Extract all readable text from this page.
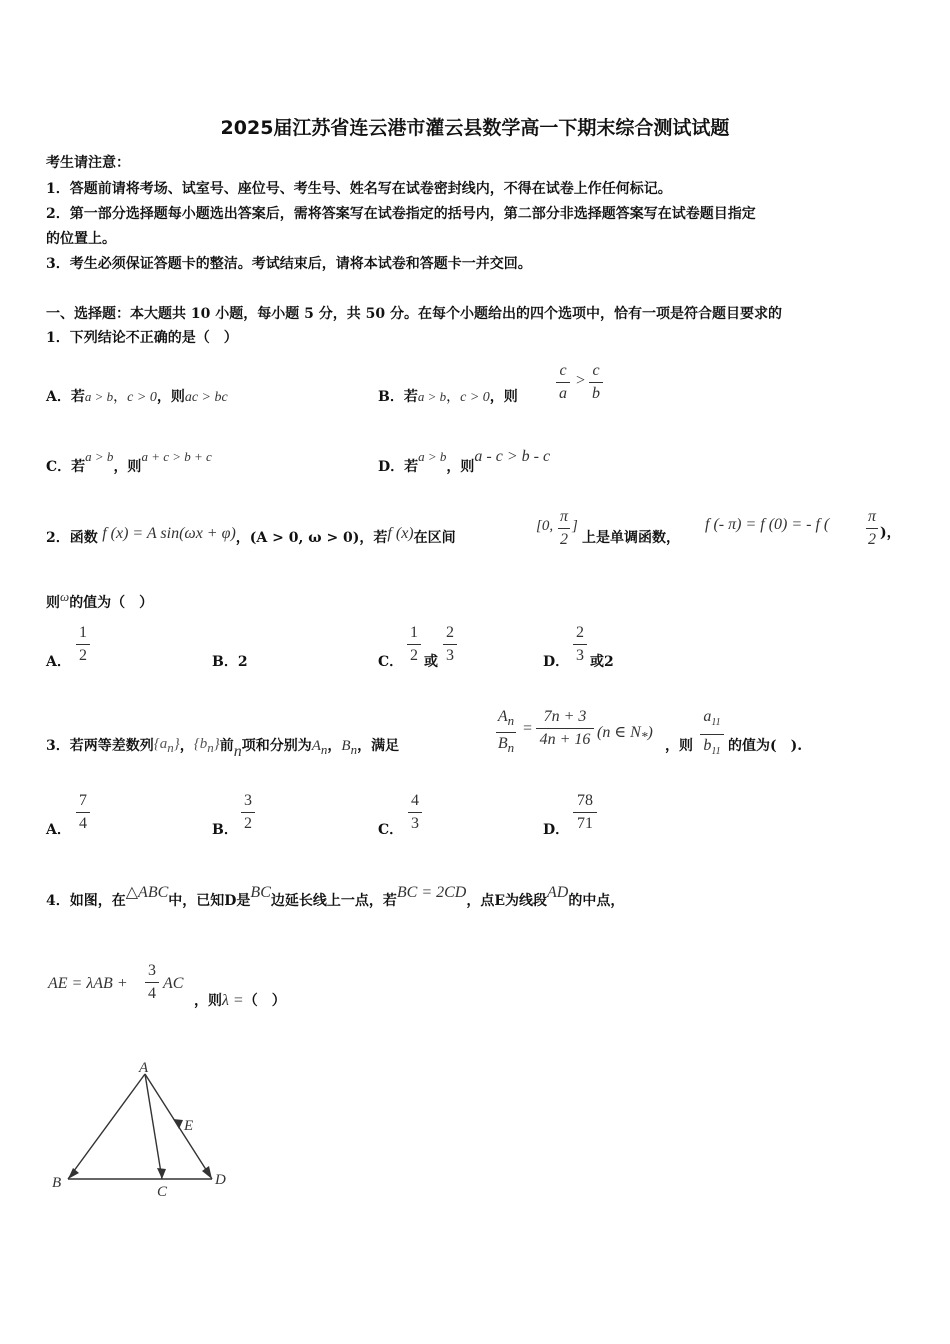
2025届江苏省连云港市灌云县数学高一下期末综合测试试题
考生请注意：
1．答题前请将考场、试室号、座位号、考生号、姓名写在试卷密封线内，不得在试卷上作任何标记。
2．第一部分选择题每小题选出答案后，需将答案写在试卷指定的括号内，第二部分非选择题答案写在试卷题目指定
的位置上。
3．考生必须保证答题卡的整洁。考试结束后，请将本试卷和答题卡一并交回。
一、选择题：本大题共 10 小题，每小题 5 分，共 50 分。在每个小题给出的四个选项中，恰有一项是符合题目要求的
1．下列结论不正确的是（　）
A．若a > b，c > 0，则ac > bc	B．若a > b，c > 0，则
c
a
>
c
b
C．若a > b，则a + c > b + c
D．若a > b，则a - c > b - c
2．函数 f (x) = A sin(ωx + φ)，(A > 0, ω > 0)，若f (x)在区间
[0,
π
2
]
上是单调函数，
f (- π) = f (0) = - f ( π
2 )，
则ω的值为（　）
A．
1
2	B．2	C．
1
2 或
2
3	D．
2
3 或2
3．若两等差数列$\{a_n\}$，$\{b_n\}$前n项和分别为$A_n$，$B_n$，满足
$A_n$
$B_n$
=
7n + 3
4n + 16 (n ∈ $N_*$)
，则
$a_{11}$
$b_{11}$ 的值为(　).
A．
7
4	B．
3
2	C．
4
3	D．
78
71
4．如图，在△ABC中，已知D是BC边延长线上一点，若BC = 2CD，点E为线段AD的中点，
AE = λAB +
3
4
AC
，则λ =（　）
A
B
C
D
E
